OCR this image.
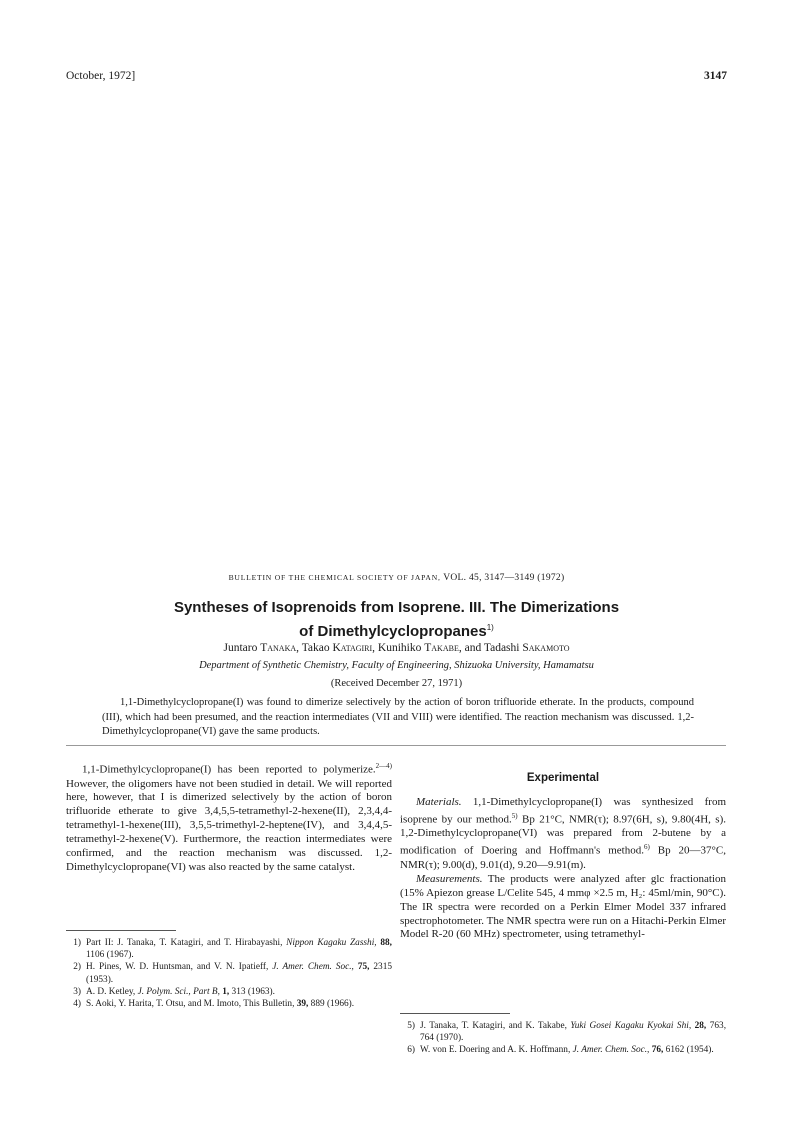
October, 1972]	3147
BULLETIN OF THE CHEMICAL SOCIETY OF JAPAN, VOL. 45, 3147—3149 (1972)
Syntheses of Isoprenoids from Isoprene. III. The Dimerizations
of Dimethylcyclopropanes$^{1)}$
Juntaro Tanaka, Takao Katagiri, Kunihiko Takabe, and Tadashi Sakamoto
Department of Synthetic Chemistry, Faculty of Engineering, Shizuoka University, Hamamatsu
(Received December 27, 1971)
1,1-Dimethylcyclopropane(I) was found to dimerize selectively by the action of boron trifluoride etherate. In the products, compound (III), which had been presumed, and the reaction intermediates (VII and VIII) were identified. The reaction mechanism was discussed. 1,2-Dimethylcyclopropane(VI) gave the same products.
1,1-Dimethylcyclopropane(I) has been reported to polymerize.$^{2—4)}$ However, the oligomers have not been studied in detail. We will reported here, however, that I is dimerized selectively by the action of boron trifluoride etherate to give 3,4,5,5-tetramethyl-2-hexene(II), 2,3,4,4-tetramethyl-1-hexene(III), 3,5,5-trimethyl-2-heptene(IV), and 3,4,4,5-tetramethyl-2-hexene(V). Furthermore, the reaction intermediates were confirmed, and the reaction mechanism was discussed. 1,2-Dimethylcyclopropane(VI) was also reacted by the same catalyst.
Experimental

Materials. 1,1-Dimethylcyclopropane(I) was synthesized from isoprene by our method.$^{5)}$ Bp 21°C, NMR(τ); 8.97(6H, s), 9.80(4H, s). 1,2-Dimethylcyclopropane(VI) was prepared from 2-butene by a modification of Doering and Hoffmann's method.$^{6)}$ Bp 20—37°C, NMR(τ); 9.00(d), 9.01(d), 9.20—9.91(m).

Measurements. The products were analyzed after glc fractionation (15% Apiezon grease L/Celite 545, 4 mmφ ×2.5 m, H₂: 45ml/min, 90°C). The IR spectra were recorded on a Perkin Elmer Model 337 infrared spectrophotometer. The NMR spectra were run on a Hitachi-Perkin Elmer Model R-20 (60 MHz) spectrometer, using tetramethyl-

1) Part II: J. Tanaka, T. Katagiri, and T. Hirabayashi, Nippon Kagaku Zasshi, 88, 1106 (1967).
2) H. Pines, W. D. Huntsman, and V. N. Ipatieff, J. Amer. Chem. Soc., 75, 2315 (1953).
3) A. D. Ketley, J. Polym. Sci., Part B, 1, 313 (1963).
4) S. Aoki, Y. Harita, T. Otsu, and M. Imoto, This Bulletin, 39, 889 (1966).
5) J. Tanaka, T. Katagiri, and K. Takabe, Yuki Gosei Kagaku Kyokai Shi, 28, 763, 764 (1970).
6) W. von E. Doering and A. K. Hoffmann, J. Amer. Chem. Soc., 76, 6162 (1954).
